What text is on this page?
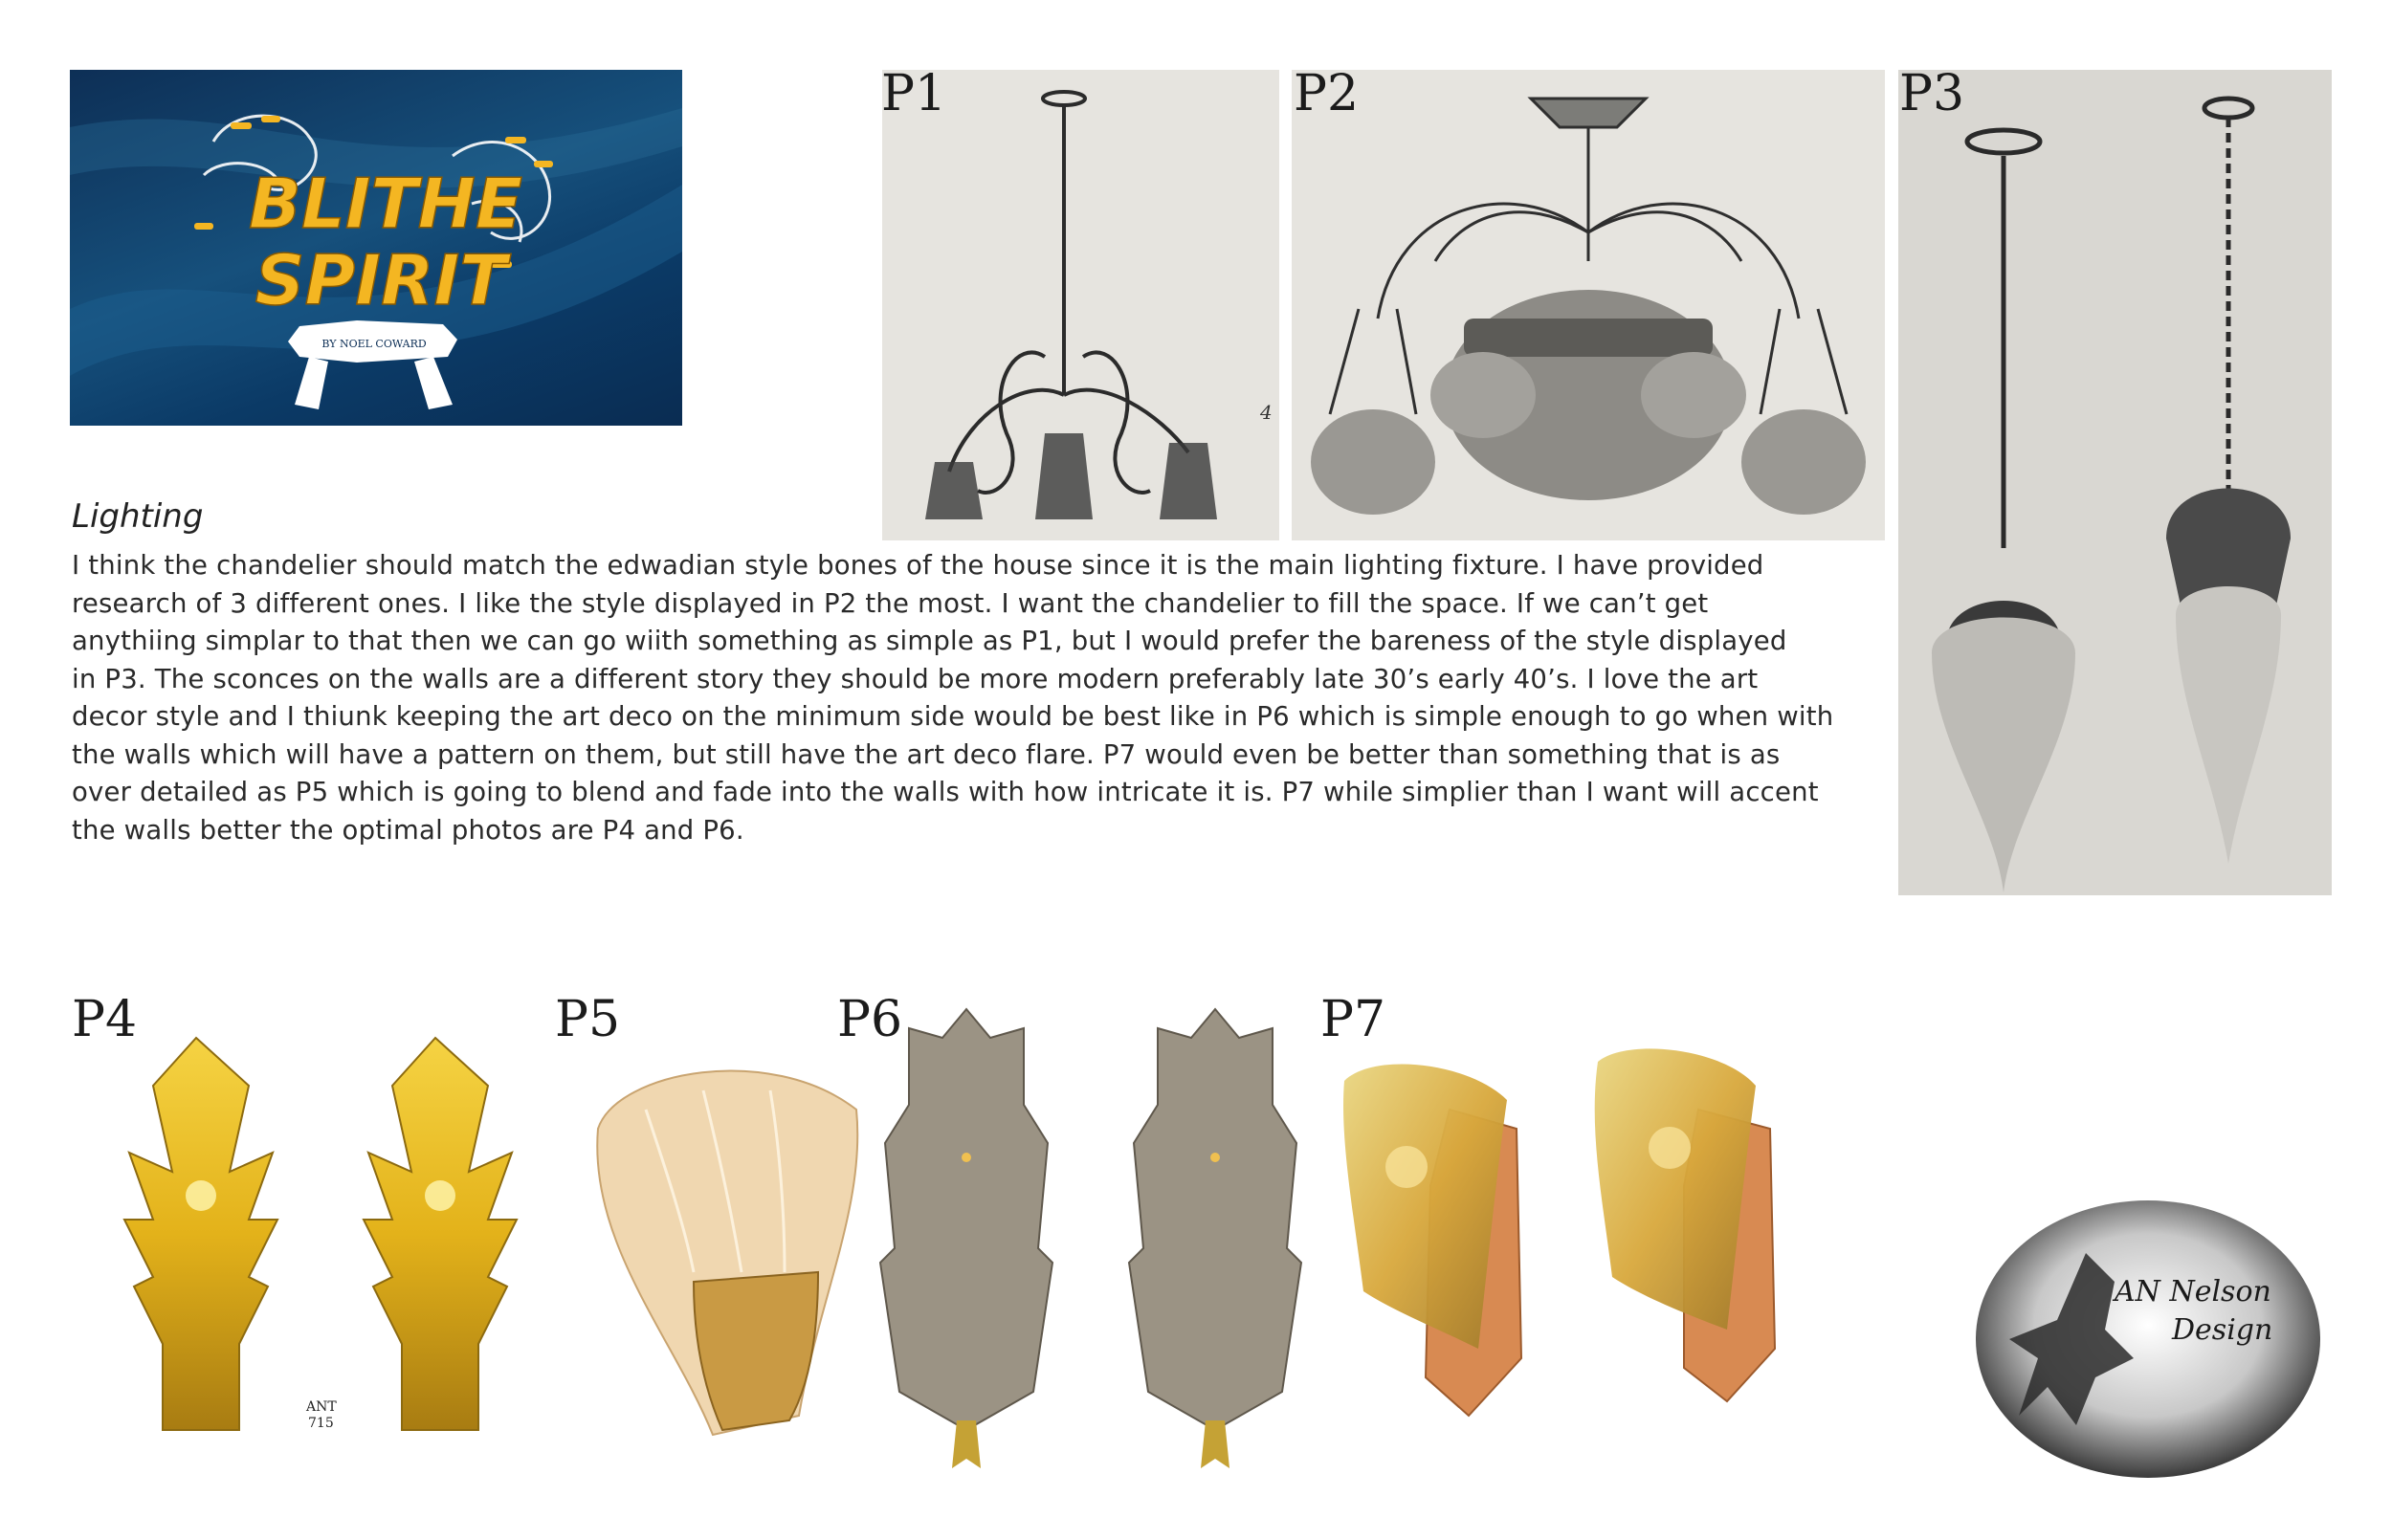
BLITHE
SPIRIT
BY NOEL COWARD
4
P1	P2	P3
Lighting

I think the chandelier should match the edwadian style bones of the house since it is the main lighting fixture. I have provided

research of 3 different ones. I like the style displayed in P2 the most. I want the chandelier to fill the space. If we can’t get

anythiing simplar to that then we can go wiith something as simple as P1, but I would prefer the bareness of the style displayed

in P3. The sconces on the walls are a different story they should be more modern preferably late 30’s early 40’s. I love the art

decor style and I thiunk keeping the art deco on the minimum side would be best like in P6 which is simple enough to go when with

the walls which will have a pattern on them, but still have the art deco flare. P7 would even be better than something that is as

over detailed as P5 which is going to blend and fade into the walls with how intricate it is. P7 while simplier than I want will accent

the walls better the optimal photos are P4 and P6.

P4
ANT
715
P5	P6	P7
AN Nelson
Design
